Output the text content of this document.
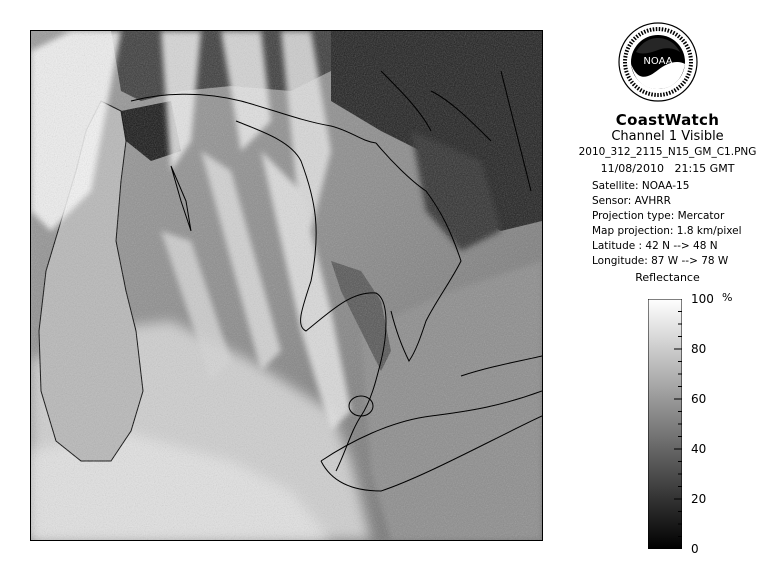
NOAA
CoastWatch
Channel 1 Visible
2010_312_2115_N15_GM_C1.PNG
11/08/2010 21:15 GMT
Satellite: NOAA-15
Sensor: AVHRR
Projection type: Mercator
Map projection: 1.8 km/pixel
Latitude : 42 N --> 48 N
Longitude: 87 W --> 78 W
Reflectance
%
100
80
60
40
20
0
